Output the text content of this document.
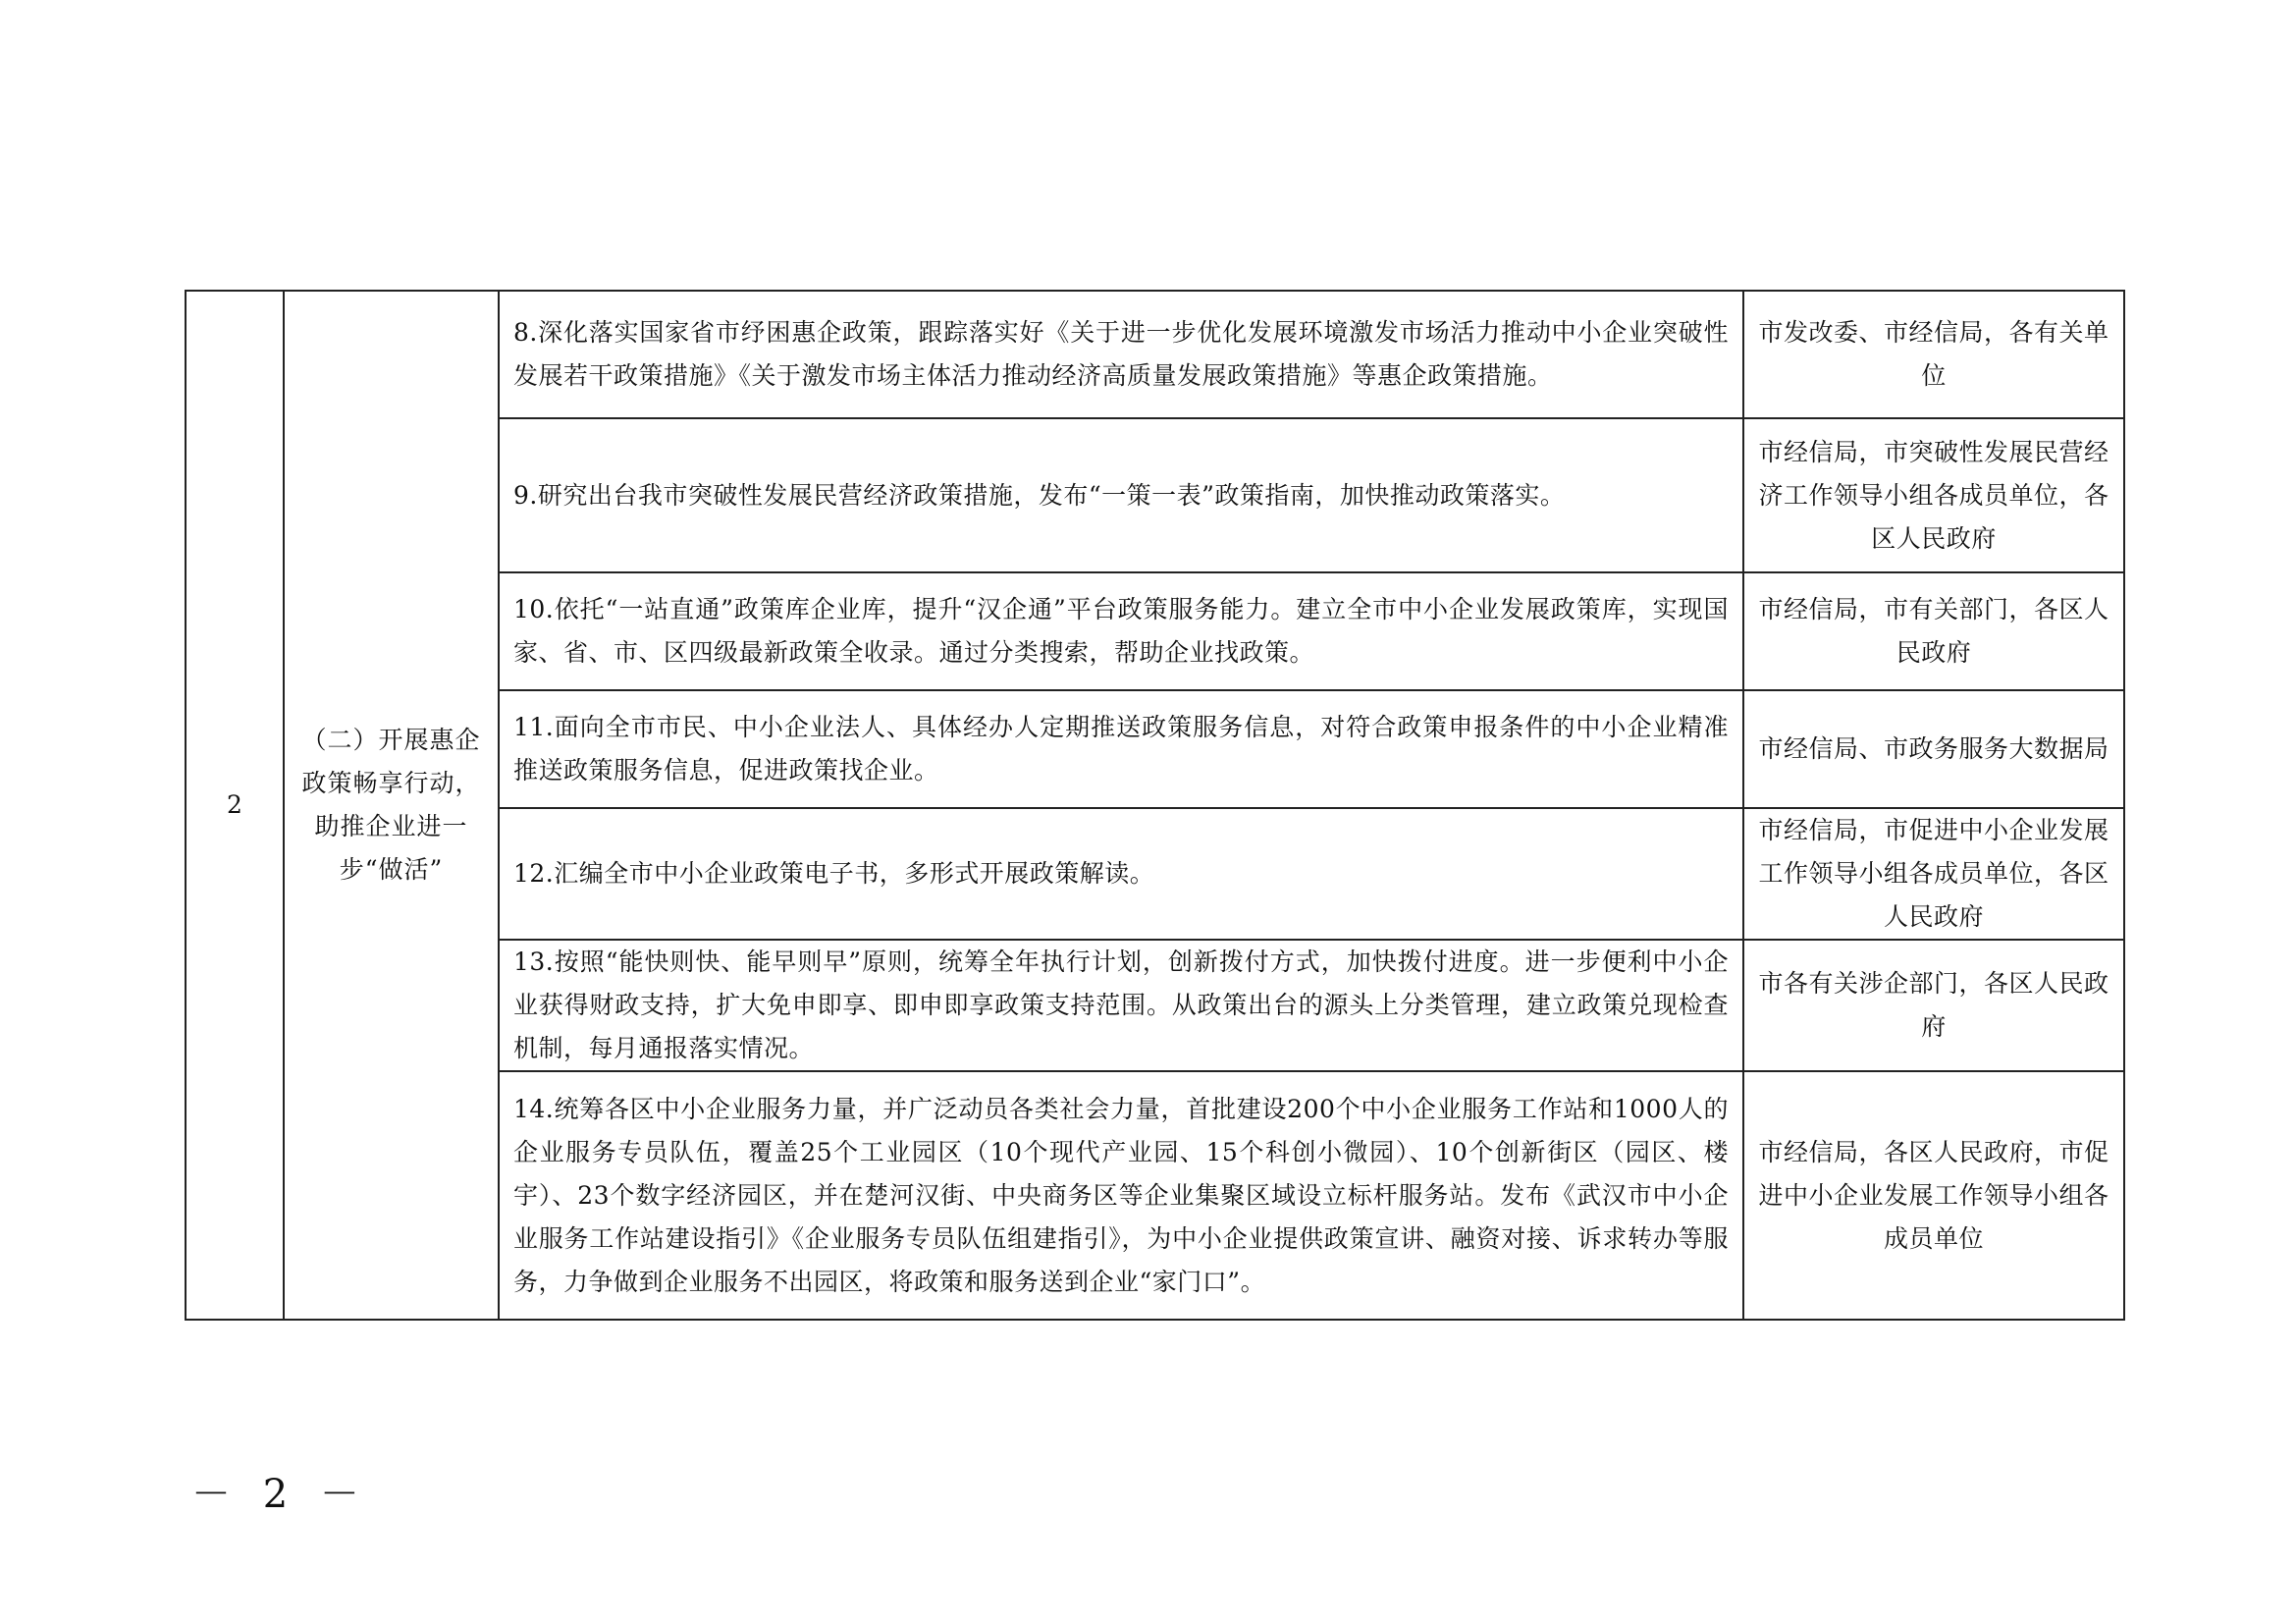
2	（二）开展惠企政策畅享行动，助推企业进一步“做活”	8.深化落实国家省市纾困惠企政策，跟踪落实好《关于进一步优化发展环境激发市场活力推动中小企业突破性发展若干政策措施》《关于激发市场主体活力推动经济高质量发展政策措施》等惠企政策措施。	市发改委、市经信局，各有关单位
		9.研究出台我市突破性发展民营经济政策措施，发布“一策一表”政策指南，加快推动政策落实。	市经信局，市突破性发展民营经济工作领导小组各成员单位，各区人民政府
		10.依托“一站直通”政策库企业库，提升“汉企通”平台政策服务能力。建立全市中小企业发展政策库，实现国家、省、市、区四级最新政策全收录。通过分类搜索，帮助企业找政策。	市经信局，市有关部门，各区人民政府
		11.面向全市市民、中小企业法人、具体经办人定期推送政策服务信息，对符合政策申报条件的中小企业精准推送政策服务信息，促进政策找企业。	市经信局、市政务服务大数据局
		12.汇编全市中小企业政策电子书，多形式开展政策解读。	市经信局，市促进中小企业发展工作领导小组各成员单位，各区人民政府
		13.按照“能快则快、能早则早”原则，统筹全年执行计划，创新拨付方式，加快拨付进度。进一步便利中小企业获得财政支持，扩大免申即享、即申即享政策支持范围。从政策出台的源头上分类管理，建立政策兑现检查机制，每月通报落实情况。	市各有关涉企部门，各区人民政府
		14.统筹各区中小企业服务力量，并广泛动员各类社会力量，首批建设200个中小企业服务工作站和1000人的企业服务专员队伍，覆盖25个工业园区（10个现代产业园、15个科创小微园）、10个创新街区（园区、楼宇）、23个数字经济园区，并在楚河汉街、中央商务区等企业集聚区域设立标杆服务站。发布《武汉市中小企业服务工作站建设指引》《企业服务专员队伍组建指引》，为中小企业提供政策宣讲、融资对接、诉求转办等服务，力争做到企业服务不出园区，将政策和服务送到企业“家门口”。	市经信局，各区人民政府，市促进中小企业发展工作领导小组各成员单位
－ 2 －
